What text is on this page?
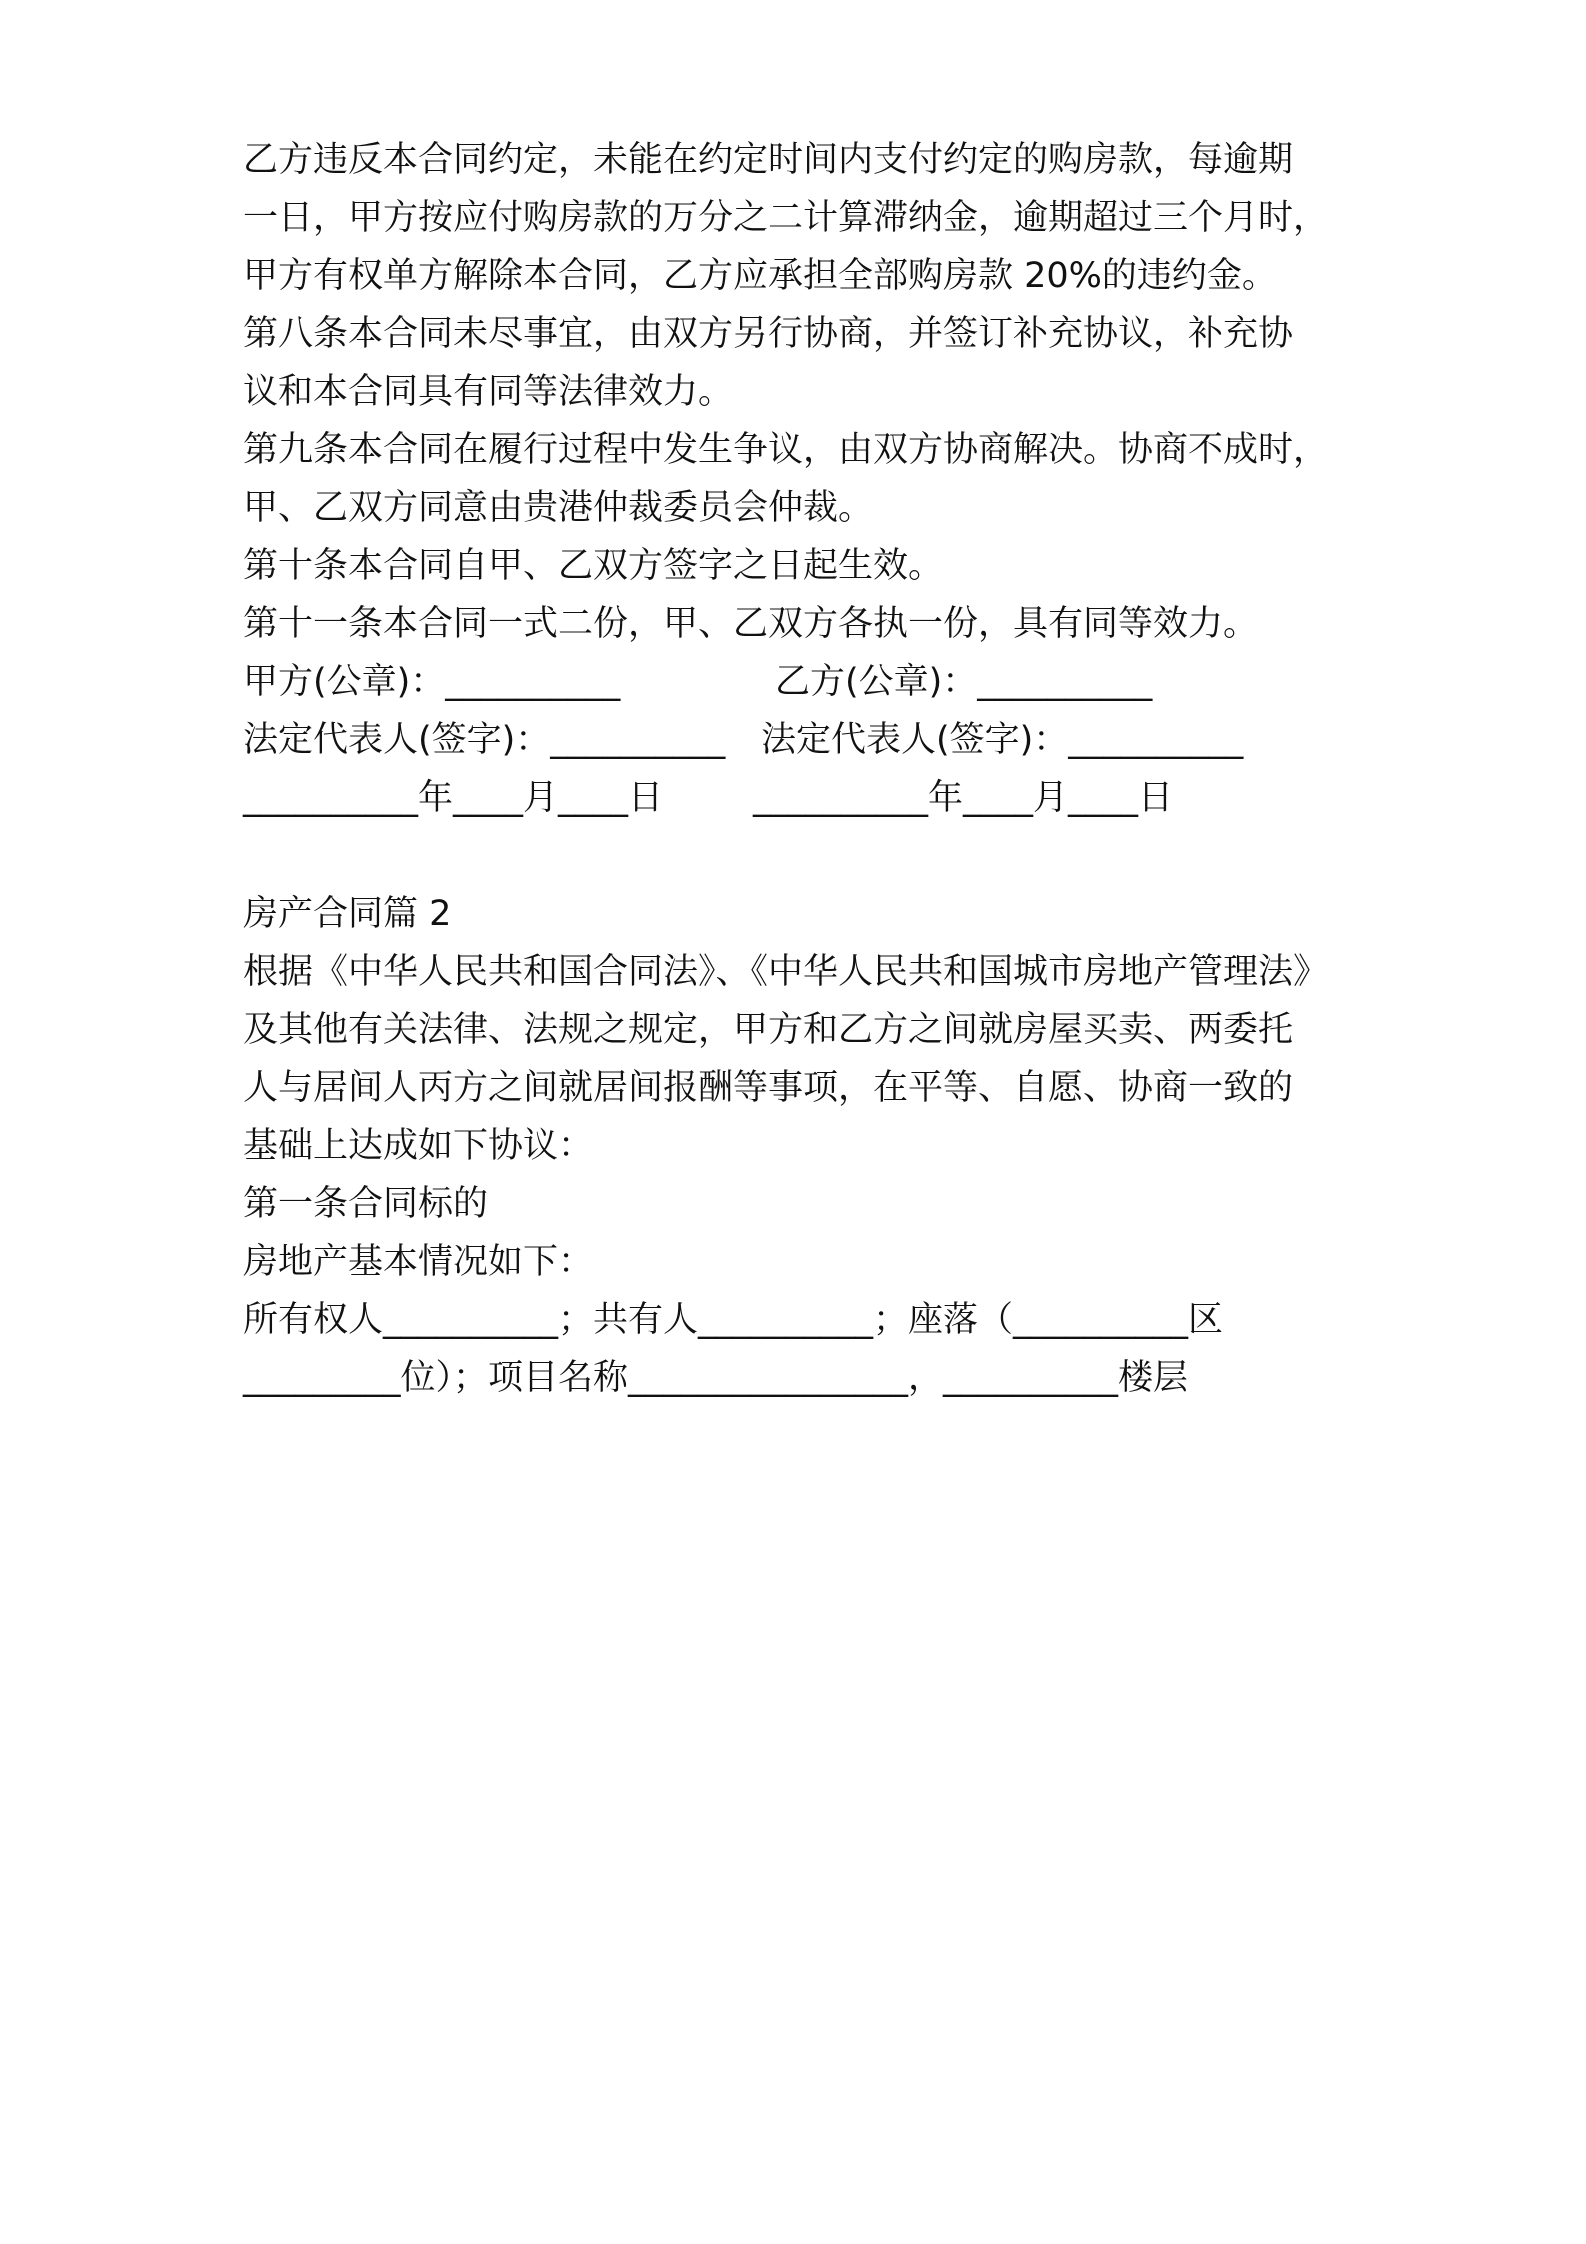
乙方违反本合同约定，未能在约定时间内支付约定的购房款，每逾期
一日，甲方按应付购房款的万分之二计算滞纳金，逾期超过三个月时，
甲方有权单方解除本合同，乙方应承担全部购房款 20%的违约金。
第八条本合同未尽事宜，由双方另行协商，并签订补充协议，补充协
议和本合同具有同等法律效力。
第九条本合同在履行过程中发生争议，由双方协商解决。协商不成时，
甲、乙双方同意由贵港仲裁委员会仲裁。
第十条本合同自甲、乙双方签字之日起生效。
第十一条本合同一式二份，甲、乙双方各执一份，具有同等效力。
甲方(公章)：__________	乙方(公章)：__________
法定代表人(签字)：__________ 法定代表人(签字)：__________
__________年____月____日	__________年____月____日
房产合同篇 2
根据《中华人民共和国合同法》、《中华人民共和国城市房地产管理法》
及其他有关法律、法规之规定，甲方和乙方之间就房屋买卖、两委托
人与居间人丙方之间就居间报酬等事项，在平等、自愿、协商一致的
基础上达成如下协议：
第一条合同标的
房地产基本情况如下：
所有权人__________；共有人__________；座落（__________区
_________位）；项目名称________________，__________楼层
